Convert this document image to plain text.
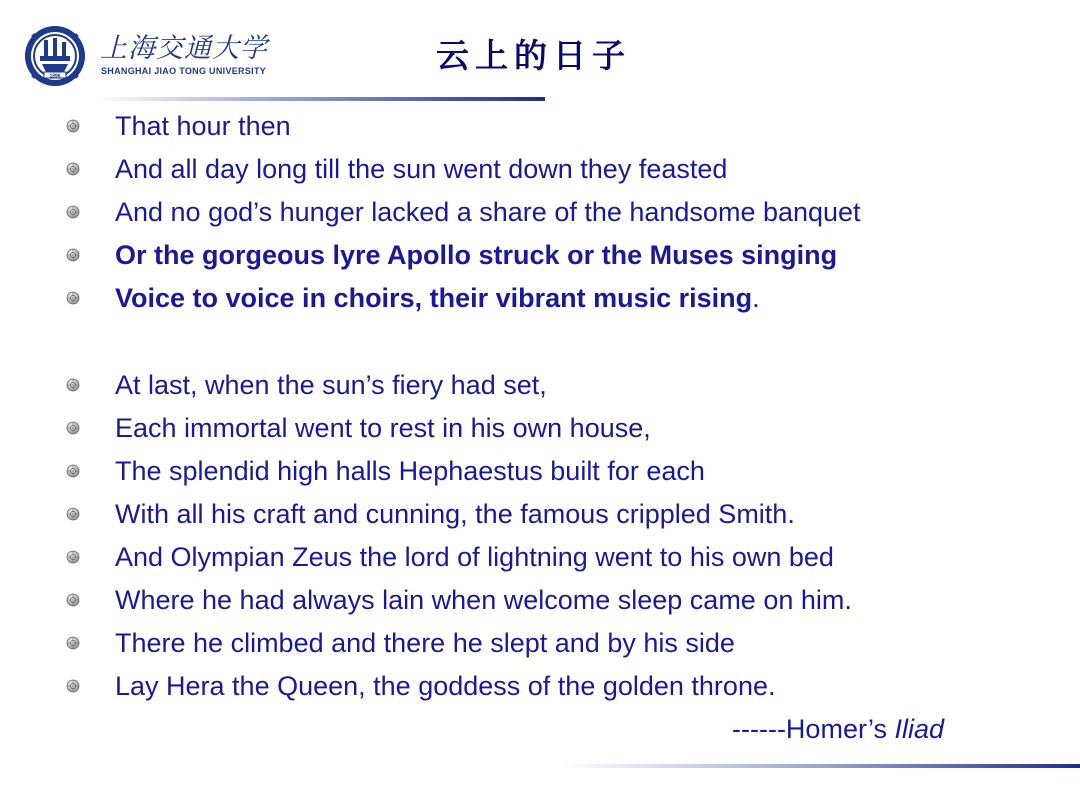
1896
上海交通大学
SHANGHAI JIAO TONG UNIVERSITY	云上的日子
That hour then
And all day long till the sun went down they feasted
And no god’s hunger lacked a share of the handsome banquet
Or the gorgeous lyre Apollo struck or the Muses singing
Voice to voice in choirs, their vibrant music rising.
At last, when the sun’s fiery had set,
Each immortal went to rest in his own house,
The splendid high halls Hephaestus built for each
With all his craft and cunning, the famous crippled Smith.
And Olympian Zeus the lord of lightning went to his own bed
Where he had always lain when welcome sleep came on him.
There he climbed and there he slept and by his side
Lay Hera the Queen, the goddess of the golden throne.
------Homer’s Iliad
